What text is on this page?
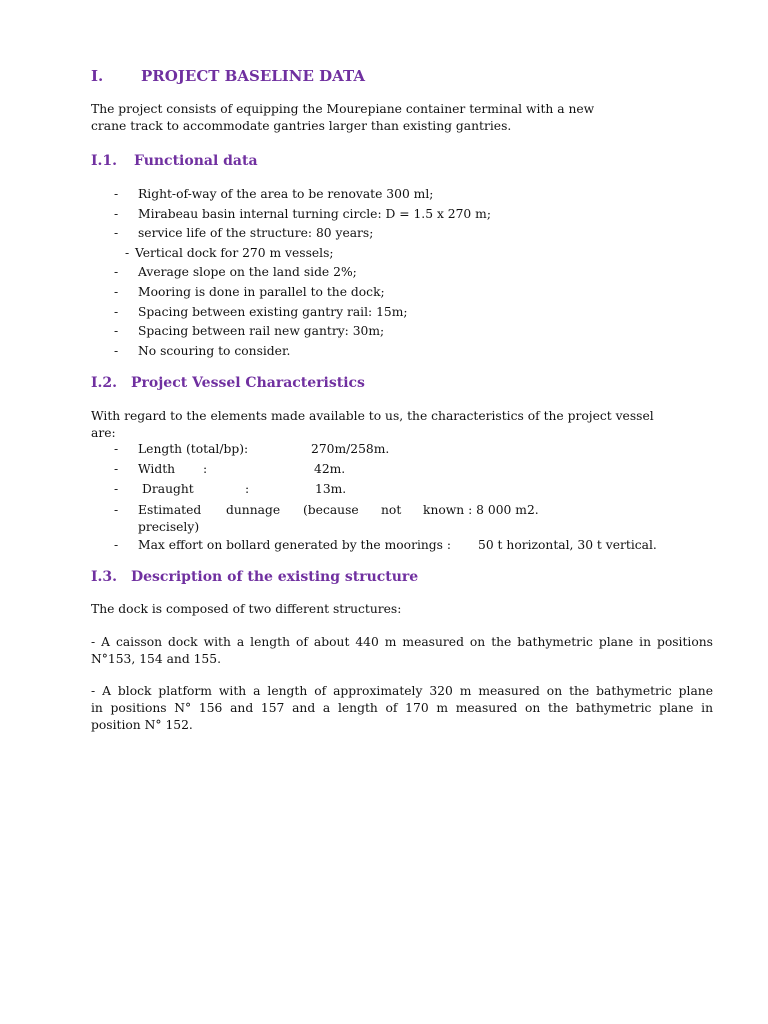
I.	PROJECT BASELINE DATA
The project consists of equipping the Mourepiane container terminal with a new
crane track to accommodate gantries larger than existing gantries.
I.1. Functional data
- Right-of-way of the area to be renovate 300 ml;
- Mirabeau basin internal turning circle: D = 1.5 x 270 m;
- service life of the structure: 80 years;
- Vertical dock for 270 m vessels;
- Average slope on the land side 2%;
- Mooring is done in parallel to the dock;
- Spacing between existing gantry rail: 15m;
- Spacing between rail new gantry: 30m;
- No scouring to consider.
I.2. Project Vessel Characteristics
With regard to the elements made available to us, the characteristics of the project vessel
are:
- Length (total/bp):	270m/258m.
- Width :	42m.
- Draught	:	13m.
- Estimated dunnage (because not known : 8 000 m2.
precisely)
- Max effort on bollard generated by the moorings : 50 t horizontal, 30 t vertical.
I.3. Description of the existing structure
The dock is composed of two different structures:
- A caisson dock with a length of about 440 m measured on the bathymetric plane in positions
N°153, 154 and 155.
- A block platform with a length of approximately 320 m measured on the bathymetric plane
in positions N° 156 and 157 and a length of 170 m measured on the bathymetric plane in
position N° 152.
